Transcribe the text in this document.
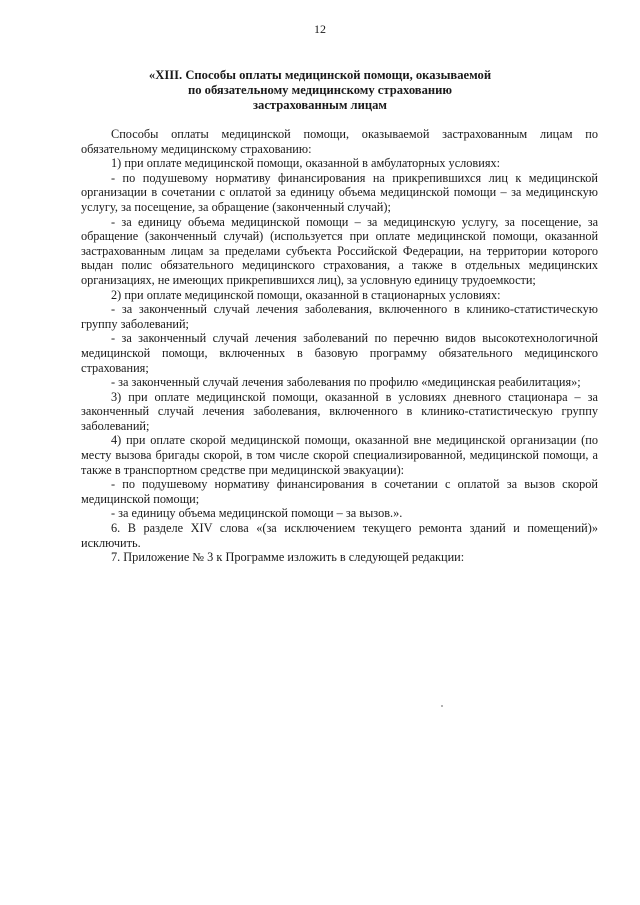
12
«XIII. Способы оплаты медицинской помощи, оказываемой
по обязательному медицинскому страхованию
застрахованным лицам

Способы оплаты медицинской помощи, оказываемой застрахованным лицам по обязательному медицинскому страхованию:

1) при оплате медицинской помощи, оказанной в амбулаторных условиях:

- по подушевому нормативу финансирования на прикрепившихся лиц к медицинской организации в сочетании с оплатой за единицу объема медицинской помощи – за медицинскую услугу, за посещение, за обращение (законченный случай);

- за единицу объема медицинской помощи – за медицинскую услугу, за посещение, за обращение (законченный случай) (используется при оплате медицинской помощи, оказанной застрахованным лицам за пределами субъекта Российской Федерации, на территории которого выдан полис обязательного медицинского страхования, а также в отдельных медицинских организациях, не имеющих прикрепившихся лиц), за условную единицу трудоемкости;

2) при оплате медицинской помощи, оказанной в стационарных условиях:

- за законченный случай лечения заболевания, включенного в клинико-статистическую группу заболеваний;

- за законченный случай лечения заболеваний по перечню видов высокотехнологичной медицинской помощи, включенных в базовую программу обязательного медицинского страхования;

- за законченный случай лечения заболевания по профилю «медицинская реабилитация»;

3) при оплате медицинской помощи, оказанной в условиях дневного стационара – за законченный случай лечения заболевания, включенного в клинико-статистическую группу заболеваний;

4) при оплате скорой медицинской помощи, оказанной вне медицинской организации (по месту вызова бригады скорой, в том числе скорой специализированной, медицинской помощи, а также в транспортном средстве при медицинской эвакуации):

- по подушевому нормативу финансирования в сочетании с оплатой за вызов скорой медицинской помощи;

- за единицу объема медицинской помощи – за вызов.».

6. В разделе XIV слова «(за исключением текущего ремонта зданий и помещений)» исключить.

7. Приложение № 3 к Программе изложить в следующей редакции:
